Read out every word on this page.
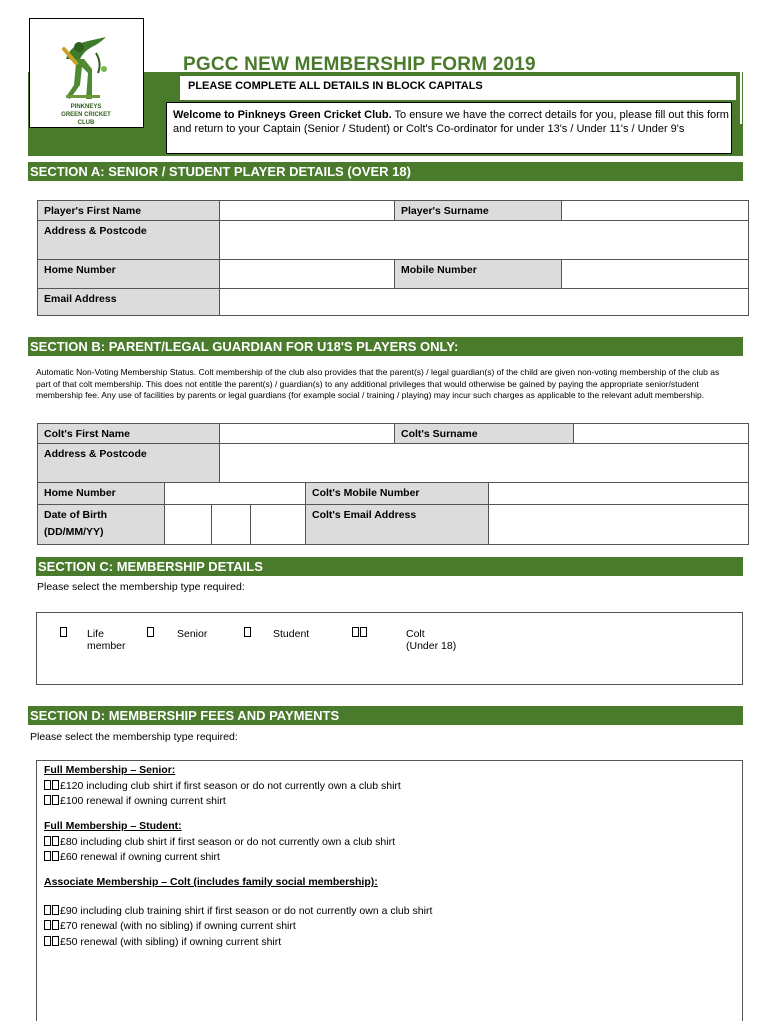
PINKNEYS GREEN CRICKET CLUB
PGCC NEW MEMBERSHIP FORM 2019
PLEASE COMPLETE ALL DETAILS IN BLOCK CAPITALS
Welcome to Pinkneys Green Cricket Club. To ensure we have the correct details for you, please fill out this form and return to your Captain (Senior / Student) or Colt's Co-ordinator for under 13's / Under 11's / Under 9's
SECTION A: SENIOR / STUDENT PLAYER DETAILS (OVER 18)
Player's First Name		Player's Surname	
Address & Postcode			
Home Number		Mobile Number	
Email Address			
SECTION B: PARENT/LEGAL GUARDIAN FOR U18'S PLAYERS ONLY:
Automatic Non-Voting Membership Status. Colt membership of the club also provides that the parent(s) / legal guardian(s) of the child are given non-voting membership of the club as part of that colt membership. This does not entitle the parent(s) / guardian(s) to any additional privileges that would otherwise be gained by paying the appropriate senior/student membership fee. Any use of facilities by parents or legal guardians (for example social / training / playing) may incur such charges as applicable to the relevant adult membership.
Colt's First Name		Colt's Surname	
Address & Postcode			
Home Number				Colt's Mobile Number	
Date of Birth
(DD/MM/YY)				Colt's Email Address	
SECTION C: MEMBERSHIP DETAILS
Please select the membership type required:
Life
member
Senior	Student	Colt
(Under 18)
SECTION D: MEMBERSHIP FEES AND PAYMENTS
Please select the membership type required:
Full Membership – Senior:
£120 including club shirt if first season or do not currently own a club shirt
£100 renewal if owning current shirt
Full Membership – Student:
£80 including club shirt if first season or do not currently own a club shirt
£60 renewal if owning current shirt
Associate Membership – Colt (includes family social membership):
£90 including club training shirt if first season or do not currently own a club shirt
£70 renewal (with no sibling) if owning current shirt
£50 renewal (with sibling) if owning current shirt
